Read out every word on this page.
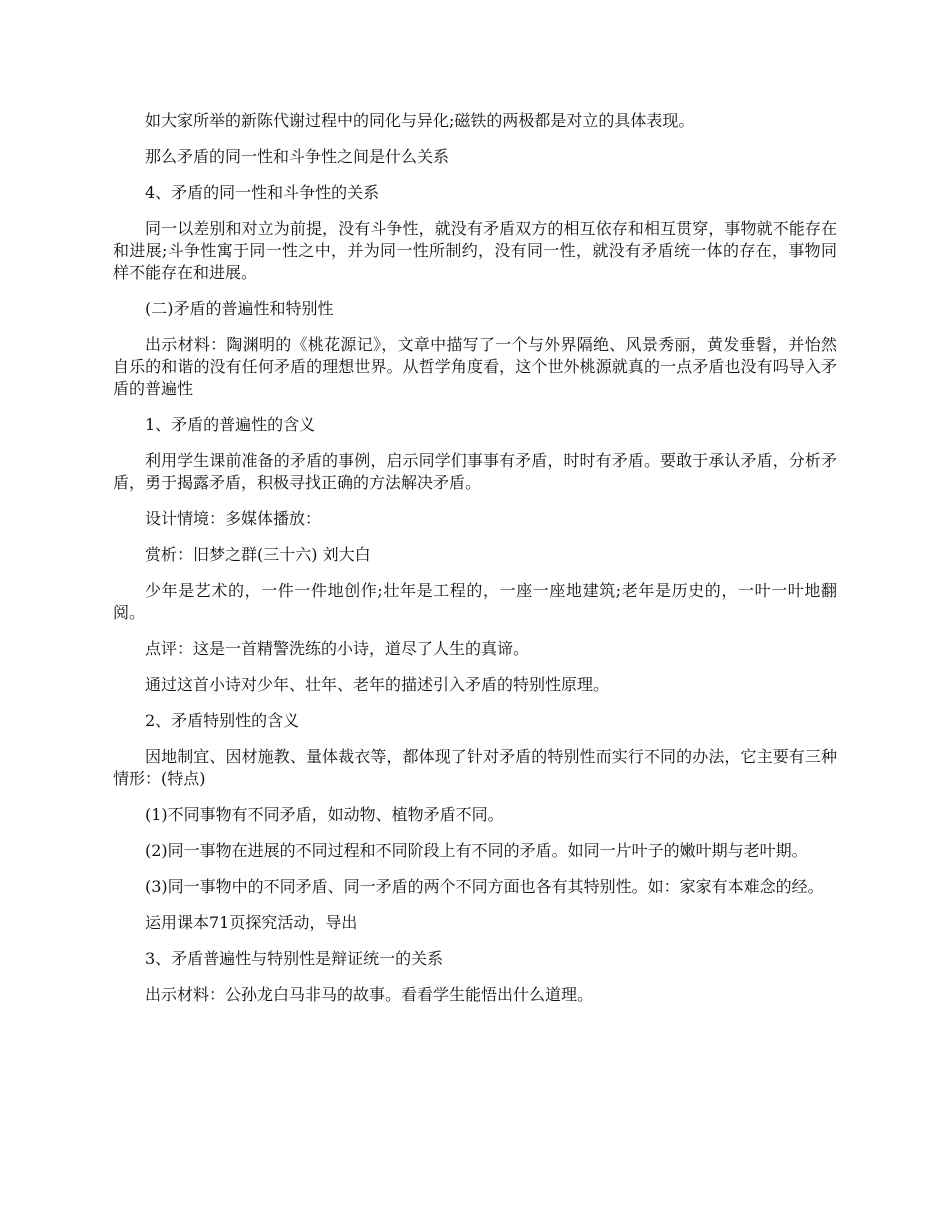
如大家所举的新陈代谢过程中的同化与异化;磁铁的两极都是对立的具体表现。

那么矛盾的同一性和斗争性之间是什么关系

4、矛盾的同一性和斗争性的关系

同一以差别和对立为前提，没有斗争性，就没有矛盾双方的相互依存和相互贯穿，事物就不能存在和进展;斗争性寓于同一性之中，并为同一性所制约，没有同一性，就没有矛盾统一体的存在，事物同样不能存在和进展。

(二)矛盾的普遍性和特别性

出示材料：陶渊明的《桃花源记》，文章中描写了一个与外界隔绝、风景秀丽，黄发垂髫，并怡然自乐的和谐的没有任何矛盾的理想世界。从哲学角度看，这个世外桃源就真的一点矛盾也没有吗导入矛盾的普遍性

1、矛盾的普遍性的含义

利用学生课前准备的矛盾的事例，启示同学们事事有矛盾，时时有矛盾。要敢于承认矛盾，分析矛盾，勇于揭露矛盾，积极寻找正确的方法解决矛盾。

设计情境：多媒体播放：

赏析：旧梦之群(三十六) 刘大白

少年是艺术的，一件一件地创作;壮年是工程的，一座一座地建筑;老年是历史的，一叶一叶地翻阅。

点评：这是一首精警洗练的小诗，道尽了人生的真谛。

通过这首小诗对少年、壮年、老年的描述引入矛盾的特别性原理。

2、矛盾特别性的含义

因地制宜、因材施教、量体裁衣等，都体现了针对矛盾的特别性而实行不同的办法，它主要有三种情形：(特点)

(1)不同事物有不同矛盾，如动物、植物矛盾不同。

(2)同一事物在进展的不同过程和不同阶段上有不同的矛盾。如同一片叶子的嫩叶期与老叶期。

(3)同一事物中的不同矛盾、同一矛盾的两个不同方面也各有其特别性。如：家家有本难念的经。

运用课本71页探究活动，导出

3、矛盾普遍性与特别性是辩证统一的关系

出示材料：公孙龙白马非马的故事。看看学生能悟出什么道理。
